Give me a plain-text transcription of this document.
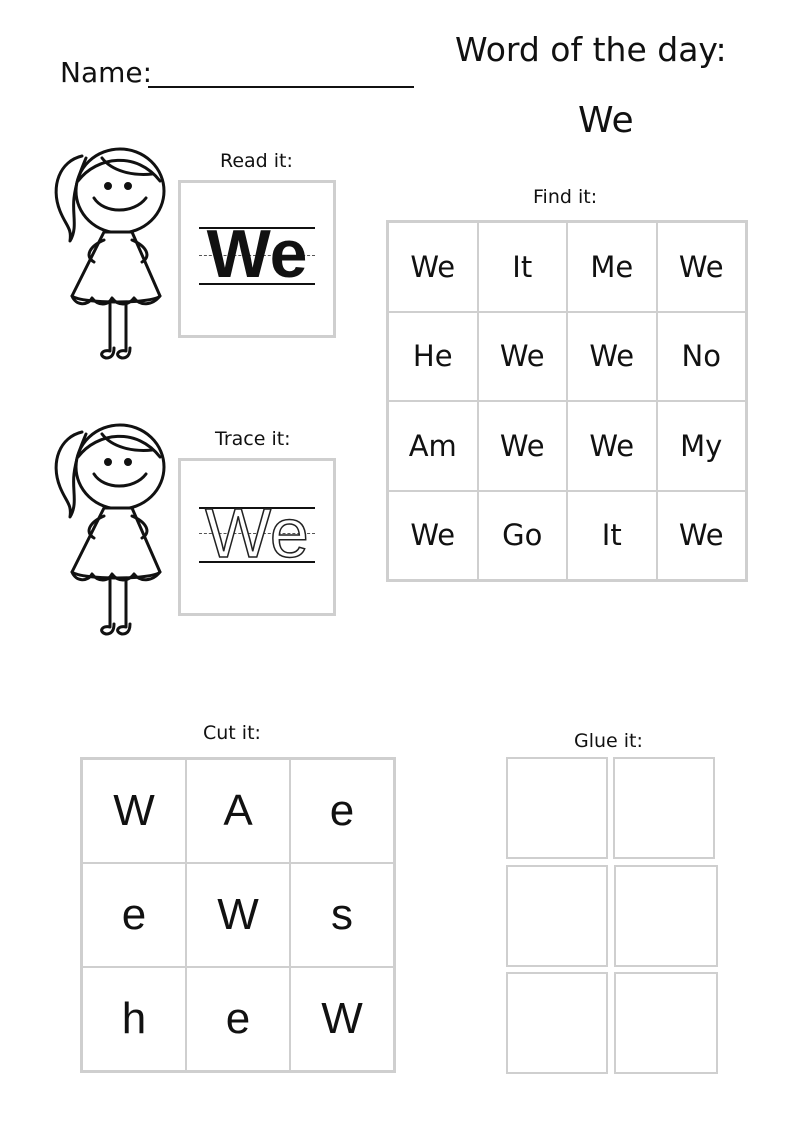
Name:
Word of the day:
We
Read it:
We
Trace it:
We
Find it:
We	It	Me	We
He	We	We	No
Am	We	We	My
We	Go	It	We
Cut it:
W	A	e
e	W	s
h	e	W
Glue it:
